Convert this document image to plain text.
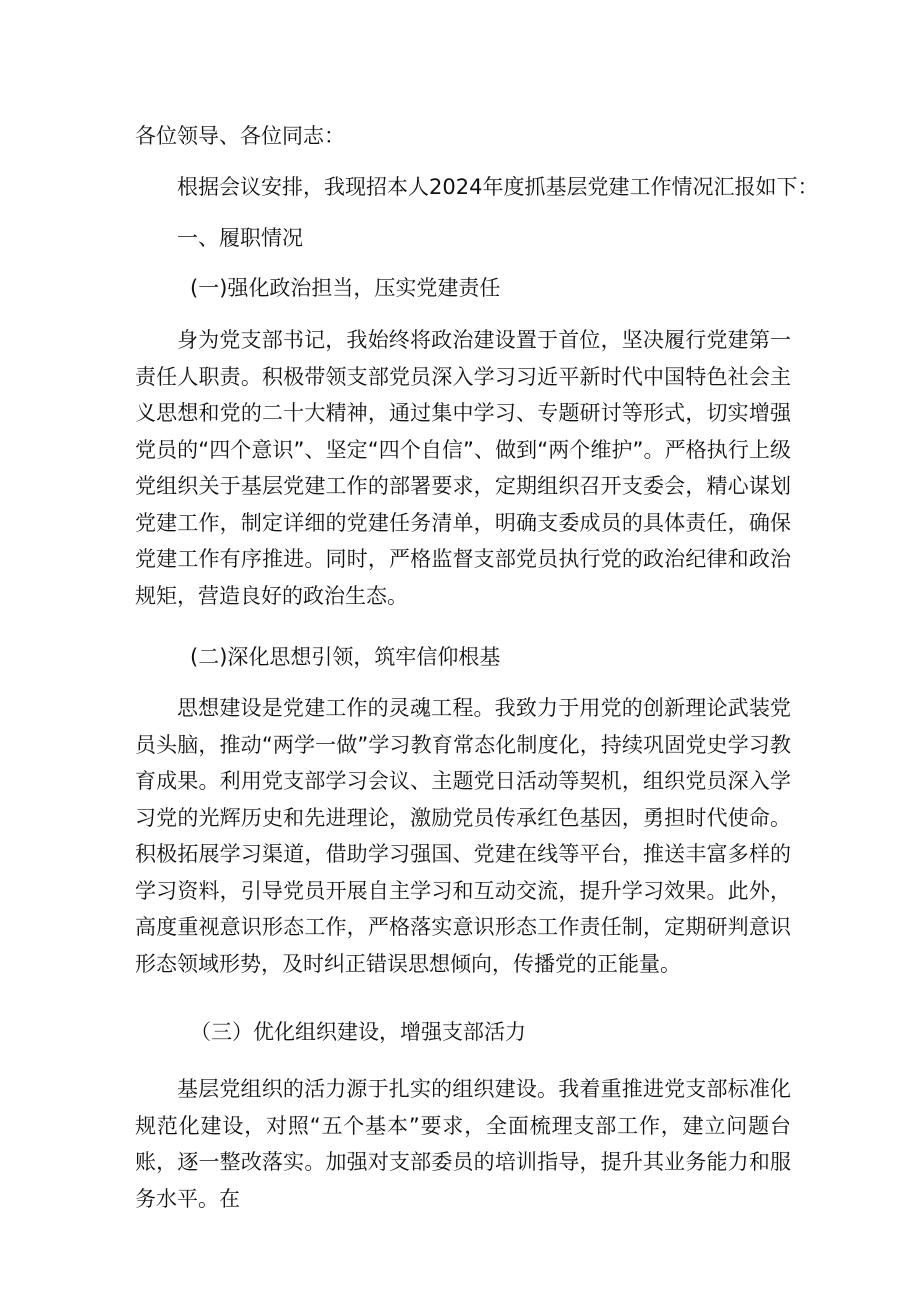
各位领导、各位同志：
根据会议安排，我现招本人2024年度抓基层党建工作情况汇报如下：
一、履职情况
(一)强化政治担当，压实党建责任
身为党支部书记，我始终将政治建设置于首位，坚决履行党建第一责任人职责。积极带领支部党员深入学习习近平新时代中国特色社会主义思想和党的二十大精神，通过集中学习、专题研讨等形式，切实增强党员的“四个意识”、坚定“四个自信”、做到“两个维护”。严格执行上级党组织关于基层党建工作的部署要求，定期组织召开支委会，精心谋划党建工作，制定详细的党建任务清单，明确支委成员的具体责任，确保党建工作有序推进。同时，严格监督支部党员执行党的政治纪律和政治规矩，营造良好的政治生态。
(二)深化思想引领，筑牢信仰根基
思想建设是党建工作的灵魂工程。我致力于用党的创新理论武装党员头脑，推动“两学一做”学习教育常态化制度化，持续巩固党史学习教育成果。利用党支部学习会议、主题党日活动等契机，组织党员深入学习党的光辉历史和先进理论，激励党员传承红色基因，勇担时代使命。积极拓展学习渠道，借助学习强国、党建在线等平台，推送丰富多样的学习资料，引导党员开展自主学习和互动交流，提升学习效果。此外，高度重视意识形态工作，严格落实意识形态工作责任制，定期研判意识形态领域形势，及时纠正错误思想倾向，传播党的正能量。
（三）优化组织建设，增强支部活力
基层党组织的活力源于扎实的组织建设。我着重推进党支部标准化规范化建设，对照“五个基本”要求，全面梳理支部工作，建立问题台账，逐一整改落实。加强对支部委员的培训指导，提升其业务能力和服务水平。在
